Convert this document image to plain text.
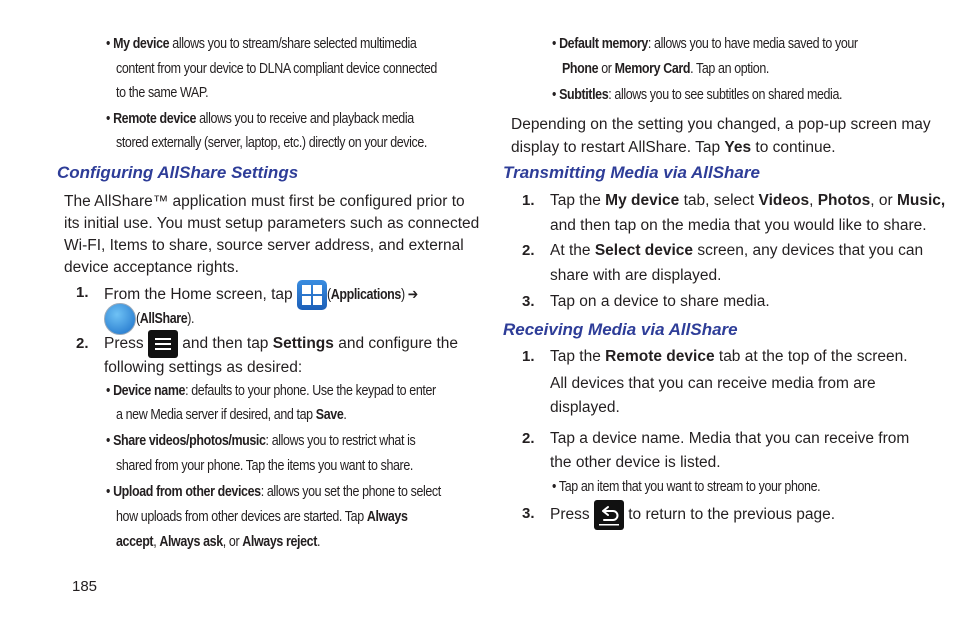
• My device allows you to stream/share selected multimedia
content from your device to DLNA compliant device connected
to the same WAP.
• Remote device allows you to receive and playback media
stored externally (server, laptop, etc.) directly on your device.
Configuring AllShare Settings
The AllShare™ application must first be configured prior to
its initial use. You must setup parameters such as connected
Wi-FI, Items to share, source server address, and external
device acceptance rights.
1. From the Home screen, tap
(Applications) ➔
(AllShare).
2. Press
and then tap Settings and configure the
following settings as desired:
• Device name: defaults to your phone. Use the keypad to enter
a new Media server if desired, and tap Save.
• Share videos/photos/music: allows you to restrict what is
shared from your phone. Tap the items you want to share.
• Upload from other devices: allows you set the phone to select
how uploads from other devices are started. Tap Always
accept, Always ask, or Always reject.
185
• Default memory: allows you to have media saved to your
Phone or Memory Card. Tap an option.
• Subtitles: allows you to see subtitles on shared media.
Depending on the setting you changed, a pop-up screen may
display to restart AllShare. Tap Yes to continue.
Transmitting Media via AllShare
1. Tap the My device tab, select Videos, Photos, or Music,
and then tap on the media that you would like to share.
2. At the Select device screen, any devices that you can
share with are displayed.
3. Tap on a device to share media.
Receiving Media via AllShare
1. Tap the Remote device tab at the top of the screen.
All devices that you can receive media from are
displayed.
2. Tap a device name. Media that you can receive from
the other device is listed.
• Tap an item that you want to stream to your phone.
3. Press
to return to the previous page.
